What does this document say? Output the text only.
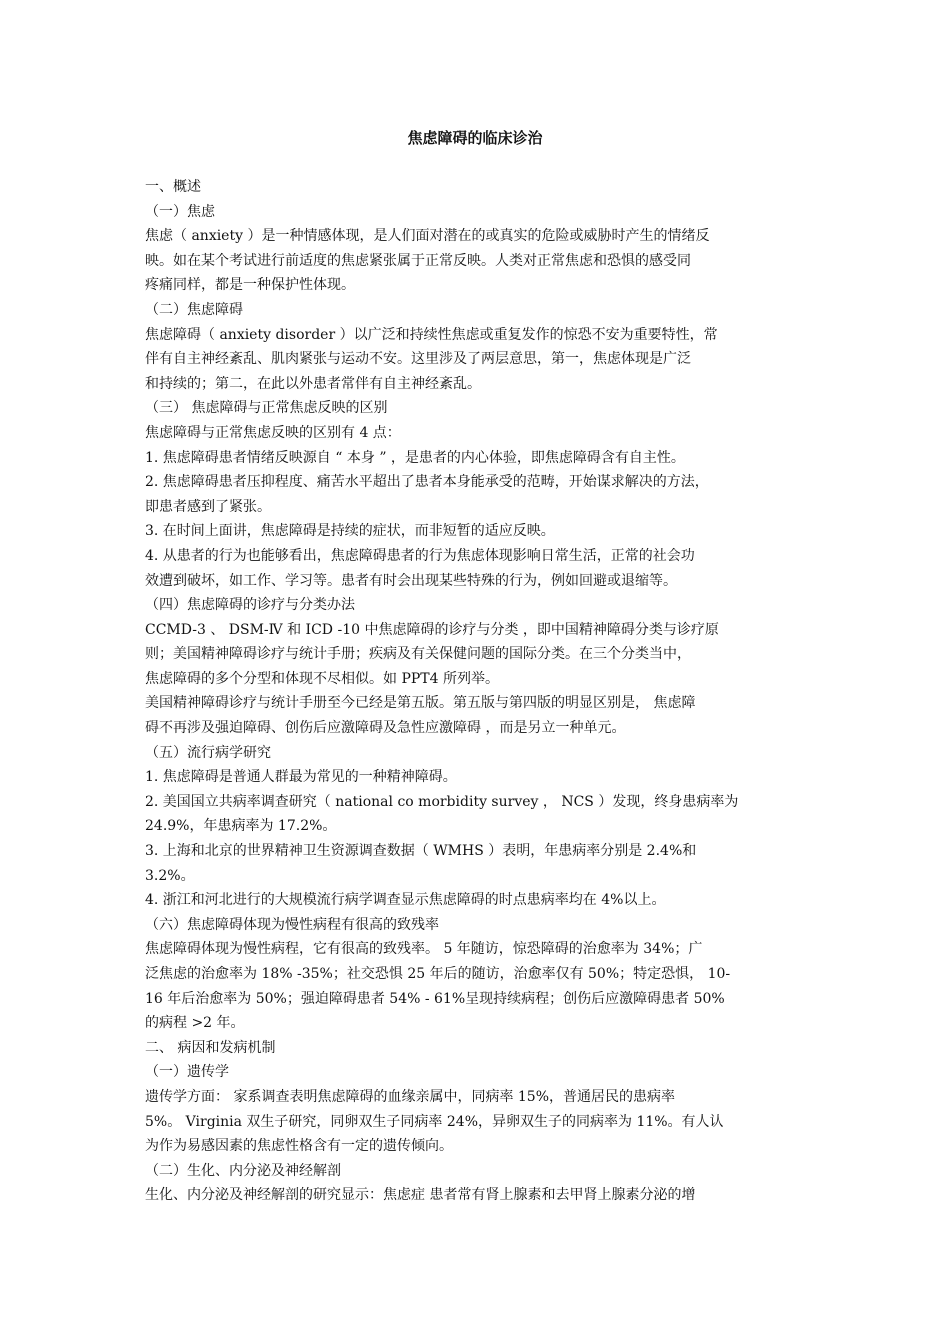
焦虑障碍的临床诊治

一、概述

（一）焦虑

焦虑（ anxiety ）是一种情感体现，是人们面对潜在的或真实的危险或威胁时产生的情绪反

映。如在某个考试进行前适度的焦虑紧张属于正常反映。人类对正常焦虑和恐惧的感受同

疼痛同样，都是一种保护性体现。

（二）焦虑障碍

焦虑障碍（ anxiety disorder ）以广泛和持续性焦虑或重复发作的惊恐不安为重要特性，常

伴有自主神经紊乱、肌肉紧张与运动不安。这里涉及了两层意思，第一，焦虑体现是广泛

和持续的；第二，在此以外患者常伴有自主神经紊乱。

（三） 焦虑障碍与正常焦虑反映的区别

焦虑障碍与正常焦虑反映的区别有 4 点：

1. 焦虑障碍患者情绪反映源自 “ 本身 ” ，是患者的内心体验，即焦虑障碍含有自主性。

2. 焦虑障碍患者压抑程度、痛苦水平超出了患者本身能承受的范畴，开始谋求解决的方法，

即患者感到了紧张。

3. 在时间上面讲，焦虑障碍是持续的症状，而非短暂的适应反映。

4. 从患者的行为也能够看出，焦虑障碍患者的行为焦虑体现影响日常生活，正常的社会功

效遭到破坏，如工作、学习等。患者有时会出现某些特殊的行为，例如回避或退缩等。

（四）焦虑障碍的诊疗与分类办法

CCMD-3 、 DSM-Ⅳ 和 ICD -10 中焦虑障碍的诊疗与分类 ，即中国精神障碍分类与诊疗原

则；美国精神障碍诊疗与统计手册；疾病及有关保健问题的国际分类。在三个分类当中，

焦虑障碍的多个分型和体现不尽相似。如 PPT4 所列举。

美国精神障碍诊疗与统计手册至今已经是第五版。第五版与第四版的明显区别是， 焦虑障

碍不再涉及强迫障碍、创伤后应激障碍及急性应激障碍 ，而是另立一种单元。

（五）流行病学研究

1. 焦虑障碍是普通人群最为常见的一种精神障碍。

2. 美国国立共病率调查研究（ national co morbidity survey ， NCS ）发现，终身患病率为

24.9%，年患病率为 17.2%。

3. 上海和北京的世界精神卫生资源调查数据（ WMHS ）表明，年患病率分别是 2.4%和

3.2%。

4. 浙江和河北进行的大规模流行病学调查显示焦虑障碍的时点患病率均在 4%以上。

（六）焦虑障碍体现为慢性病程有很高的致残率

焦虑障碍体现为慢性病程，它有很高的致残率。 5 年随访，惊恐障碍的治愈率为 34%；广

泛焦虑的治愈率为 18% -35%；社交恐惧 25 年后的随访，治愈率仅有 50%；特定恐惧， 10-

16 年后治愈率为 50%；强迫障碍患者 54% - 61%呈现持续病程；创伤后应激障碍患者 50%

的病程 >2 年。

二、 病因和发病机制

（一）遗传学

遗传学方面： 家系调查表明焦虑障碍的血缘亲属中，同病率 15%，普通居民的患病率

5%。 Virginia 双生子研究，同卵双生子同病率 24%，异卵双生子的同病率为 11%。有人认

为作为易感因素的焦虑性格含有一定的遗传倾向。

（二）生化、内分泌及神经解剖

生化、内分泌及神经解剖的研究显示：焦虑症 患者常有肾上腺素和去甲肾上腺素分泌的增
